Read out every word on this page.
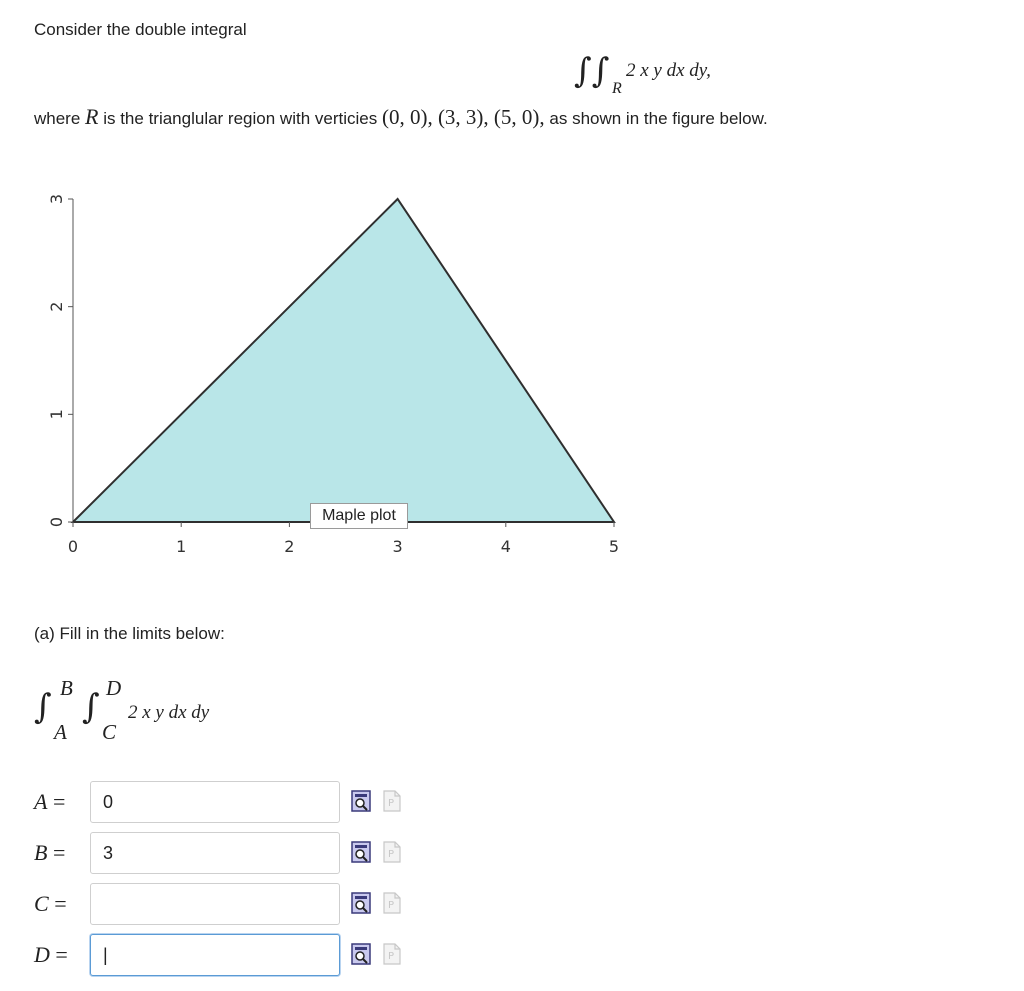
Consider the double integral
∫∫ R
2 x y dx dy,
where R is the trianglular region with verticies (0, 0), (3, 3), (5, 0), as shown in the figure below.
0	1	2	3	4	5
0
1
2
3
Maple plot
(a) Fill in the limits below:
∫ B
A
∫ D
C
2 x y dx dy
A =	0
B =	3
C =
D =	|
P
P
P
P
